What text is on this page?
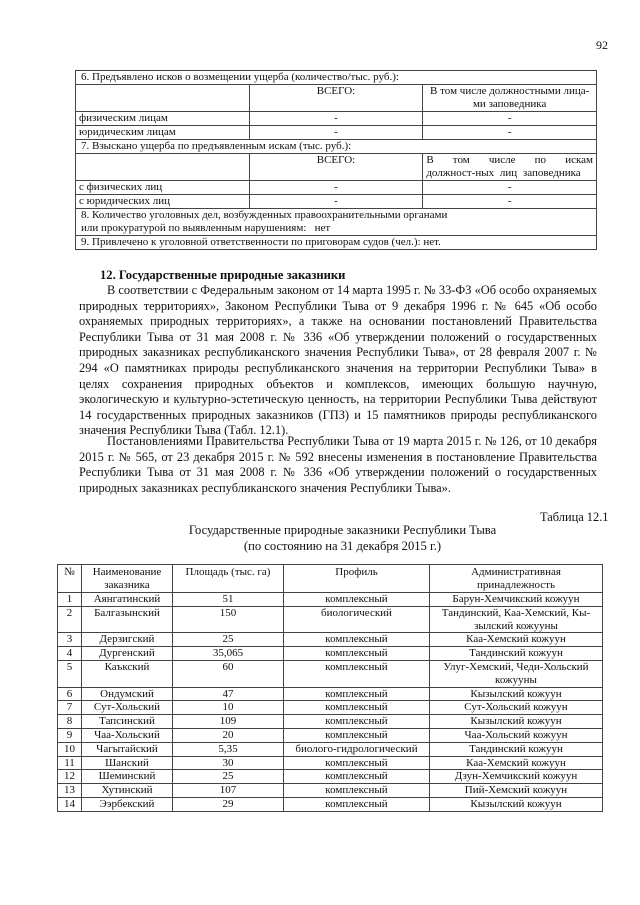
92
6. Предъявлено исков о возмещении ущерба (количество/тыс. руб.):		
	ВСЕГО:	В том числе должностными лица-ми заповедника
физическим лицам	-	-
юридическим лицам	-	-
7. Взыскано ущерба по предъявленным искам (тыс. руб.):		
	ВСЕГО:	В том числе по искам должност-ных лиц заповедника
с физических лиц	-	-
с юридических лиц	-	-

8. Количество уголовных дел, возбужденных правоохранительными органами
или прокуратурой по выявленным нарушениям:   нет		

9. Привлечено к уголовной ответственности по приговорам судов (чел.): нет.		
12. Государственные природные заказники

В соответствии с Федеральным законом от 14 марта 1995 г. № 33-ФЗ «Об особо охраняемых природных территориях», Законом Республики Тыва от 9 декабря 1996 г. № 645 «Об особо охраняемых природных территориях», а также на основании постановлений Правительства Республики Тыва от 31 мая 2008 г. № 336 «Об утверждении положений о государственных природных заказниках республиканского значения Республики Тыва», от 28 февраля 2007 г. № 294 «О памятниках природы республиканского значения на территории Республики Тыва» в целях сохранения природных объектов и комплексов, имеющих большую научную, экологическую и культурно-эстетическую ценность, на территории Республики Тыва действуют 14 государственных природных заказников (ГПЗ) и 15 памятников природы республиканского значения Республики Тыва (Табл. 12.1).

Постановлениями Правительства Республики Тыва от 19 марта 2015 г. № 126, от 10 декабря 2015 г. № 565, от 23 декабря 2015 г. № 592 внесены изменения в постановление Правительства Республики Тыва от 31 мая 2008 г. № 336 «Об утверждении положений о государственных природных заказниках республиканского значения Республики Тыва».

Таблица 12.1
Государственные природные заказники Республики Тыва
(по состоянию на 31 декабря 2015 г.)
№	Наименование заказника	Площадь (тыс. га)	Профиль	Административная принадлежность
1	Аянгатинский	51	комплексный	Барун-Хемчикский кожуун
2	Балгазынский	150	биологический	Тандинский, Каа-Хемский, Кы-зылский кожууны
3	Дерзигский	25	комплексный	Каа-Хемский кожуун
4	Дургенский	35,065	комплексный	Тандинский кожуун
5	Каъкский	60	комплексный	Улуг-Хемский, Чеди-Хольский кожууны
6	Ондумский	47	комплексный	Кызылский кожуун
7	Сут-Хольский	10	комплексный	Сут-Хольский кожуун
8	Тапсинский	109	комплексный	Кызылский кожуун
9	Чаа-Хольский	20	комплексный	Чаа-Хольский кожуун
10	Чагытайский	5,35	биолого-гидрологический	Тандинский кожуун
11	Шанский	30	комплексный	Каа-Хемский кожуун
12	Шеминский	25	комплексный	Дзун-Хемчикский кожуун
13	Хутинский	107	комплексный	Пий-Хемский кожуун
14	Ээрбекский	29	комплексный	Кызылский кожуун
